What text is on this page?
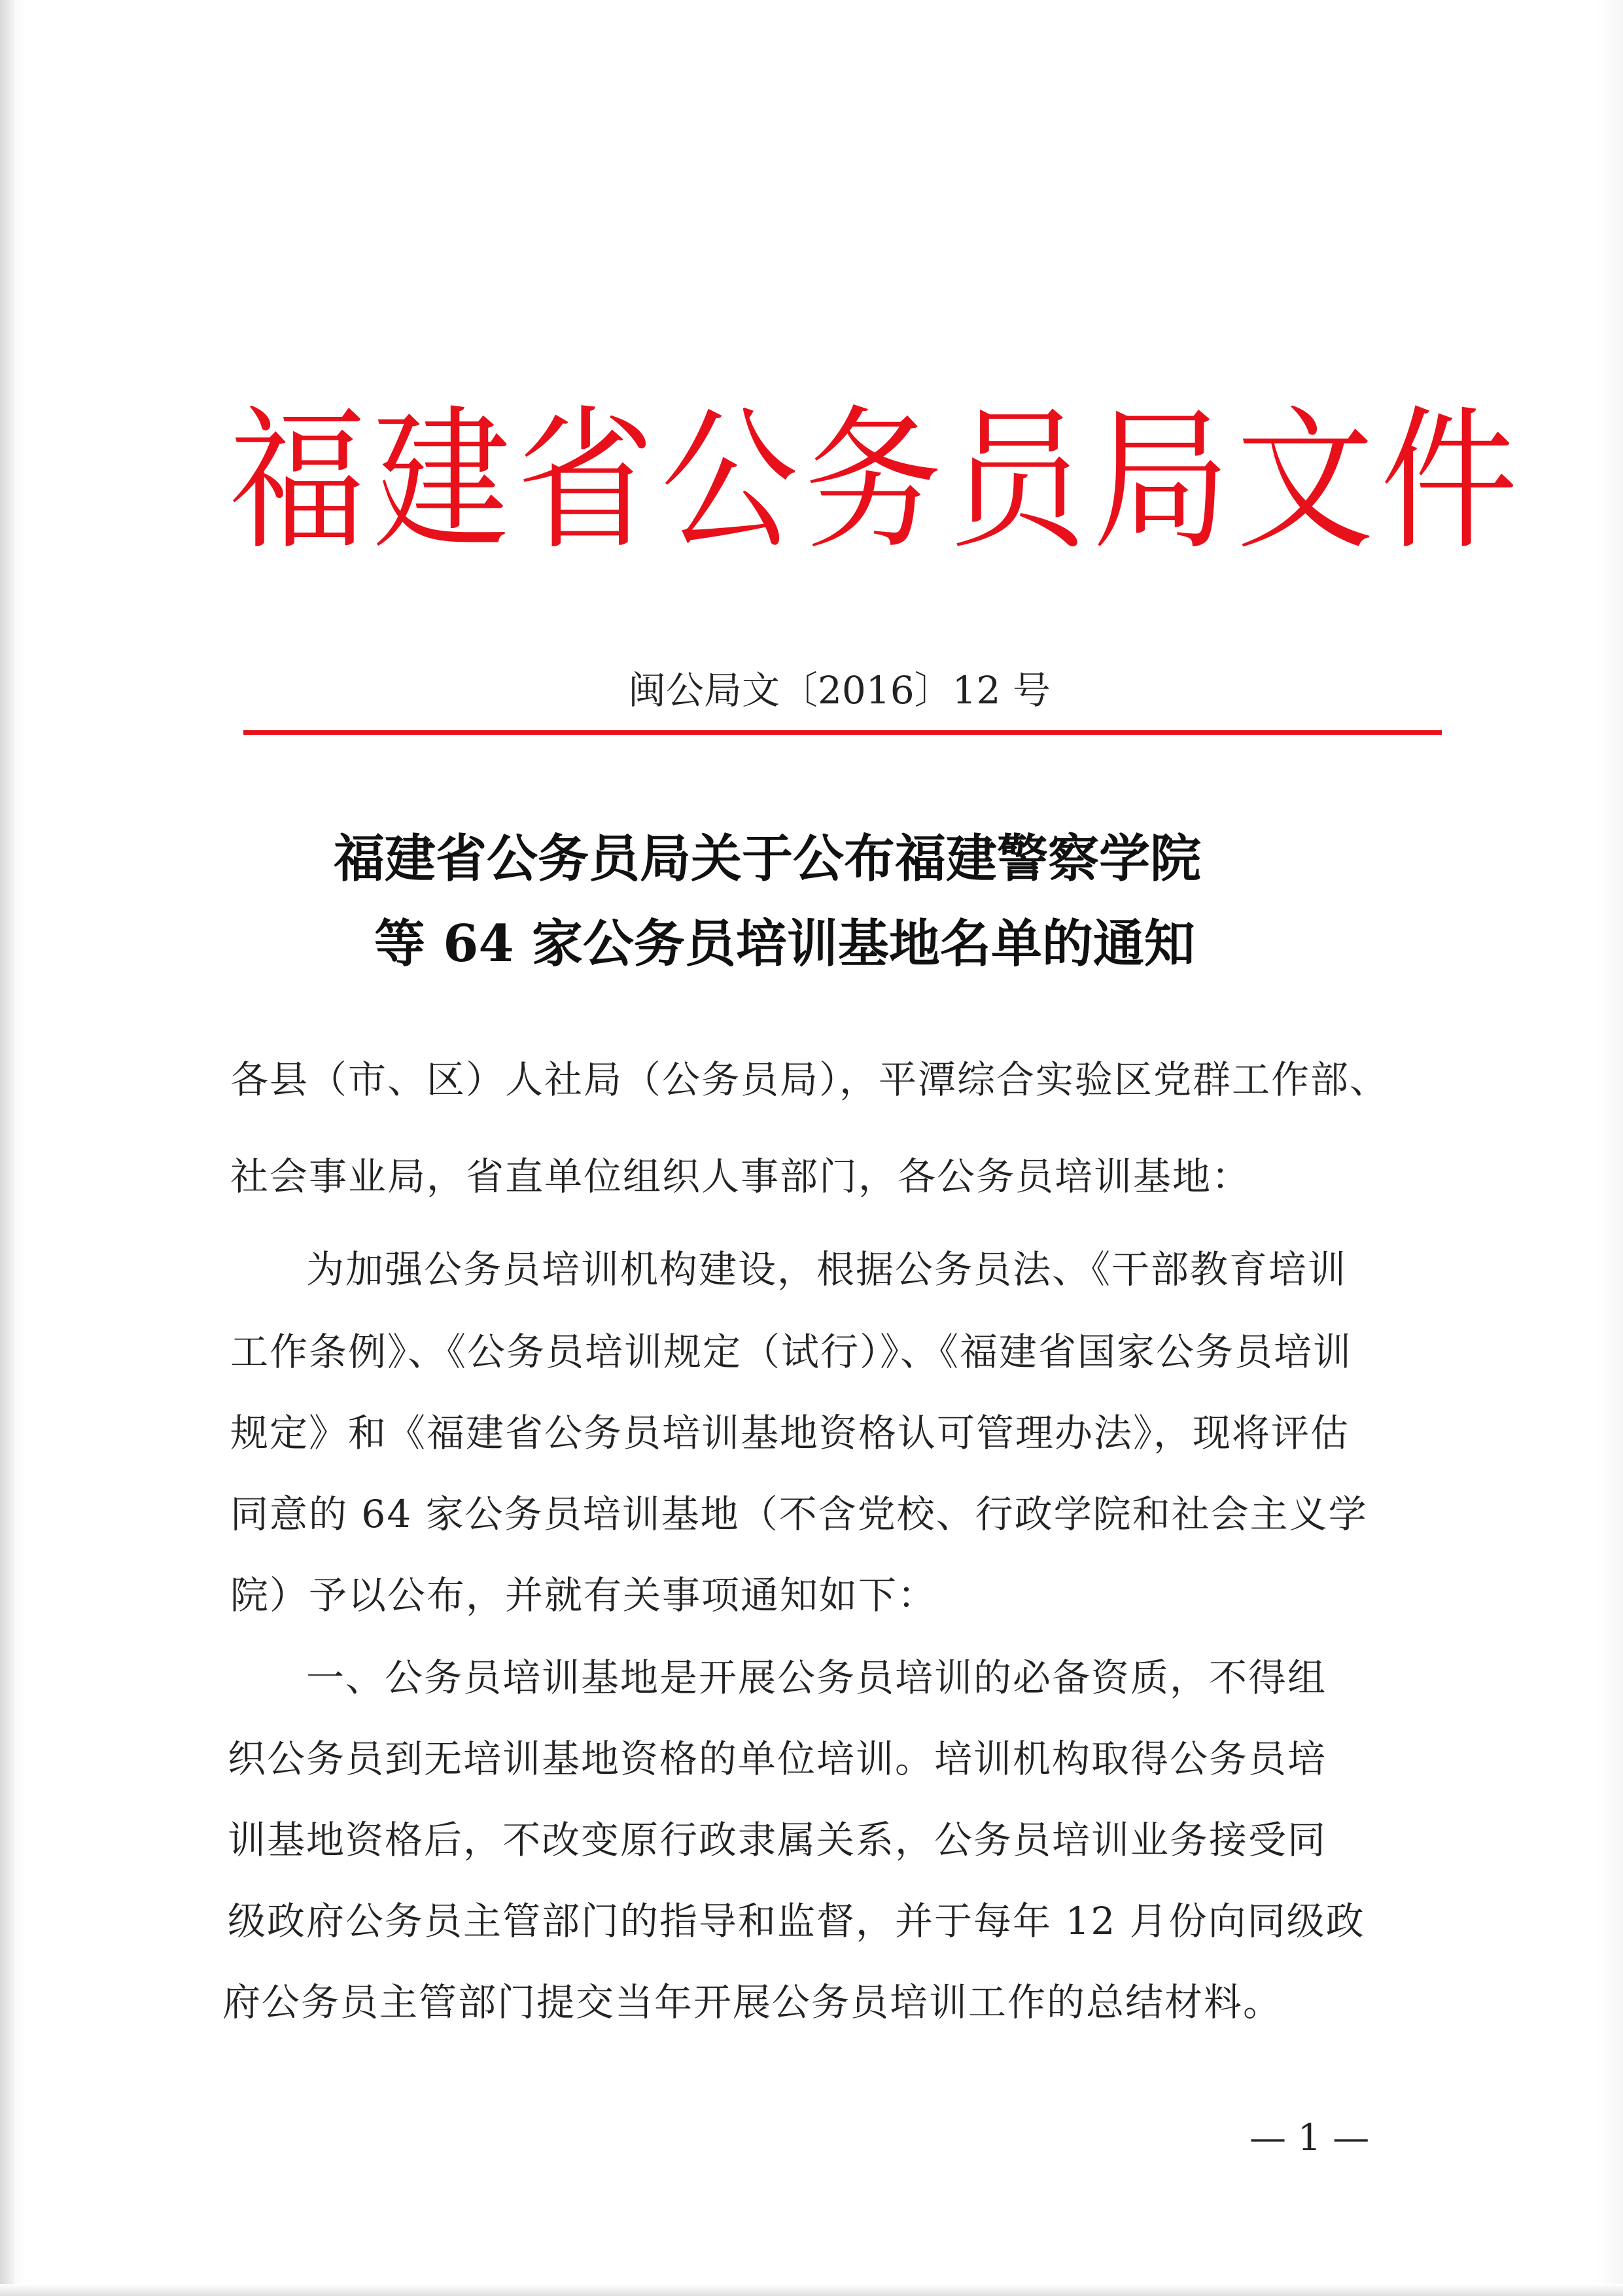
福建省公务员局文件
闽公局文〔2016〕12 号
福建省公务员局关于公布福建警察学院
等 64 家公务员培训基地名单的通知
各县（市、区）人社局（公务员局），平潭综合实验区党群工作部、
社会事业局，省直单位组织人事部门，各公务员培训基地：
为加强公务员培训机构建设，根据公务员法、《干部教育培训
工作条例》、《公务员培训规定（试行）》、《福建省国家公务员培训
规定》和《福建省公务员培训基地资格认可管理办法》，现将评估
同意的 64 家公务员培训基地（不含党校、行政学院和社会主义学
院）予以公布，并就有关事项通知如下：
一、公务员培训基地是开展公务员培训的必备资质，不得组
织公务员到无培训基地资格的单位培训。培训机构取得公务员培
训基地资格后，不改变原行政隶属关系，公务员培训业务接受同
级政府公务员主管部门的指导和监督，并于每年 12 月份向同级政
府公务员主管部门提交当年开展公务员培训工作的总结材料。
— 1 —
